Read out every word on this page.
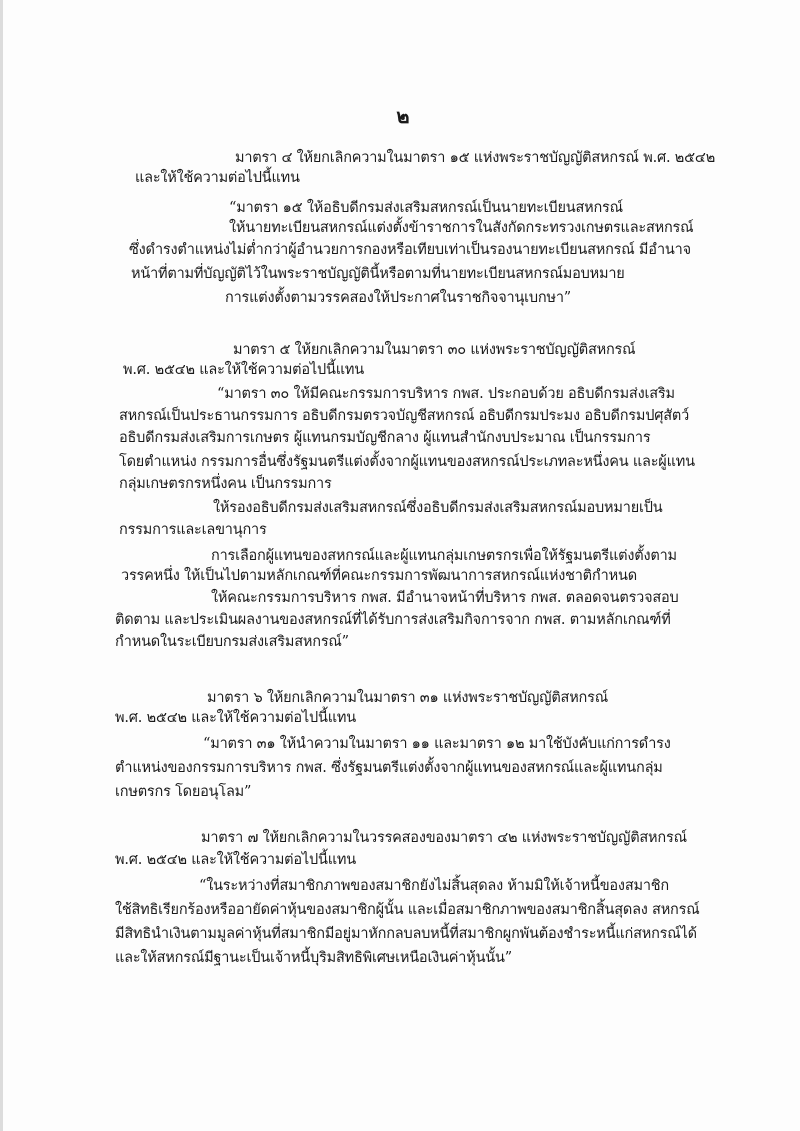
๒
มาตรา ๔ ให้ยกเลิกความในมาตรา ๑๕ แห่งพระราชบัญญัติสหกรณ์ พ.ศ. ๒๕๔๒
และให้ใช้ความต่อไปนี้แทน
“มาตรา ๑๕ ให้อธิบดีกรมส่งเสริมสหกรณ์เป็นนายทะเบียนสหกรณ์
ให้นายทะเบียนสหกรณ์แต่งตั้งข้าราชการในสังกัดกระทรวงเกษตรและสหกรณ์
ซึ่งดำรงตำแหน่งไม่ต่ำกว่าผู้อำนวยการกองหรือเทียบเท่าเป็นรองนายทะเบียนสหกรณ์ มีอำนาจ
หน้าที่ตามที่บัญญัติไว้ในพระราชบัญญัตินี้หรือตามที่นายทะเบียนสหกรณ์มอบหมาย
การแต่งตั้งตามวรรคสองให้ประกาศในราชกิจจานุเบกษา”
มาตรา ๕ ให้ยกเลิกความในมาตรา ๓๐ แห่งพระราชบัญญัติสหกรณ์
พ.ศ. ๒๕๔๒ และให้ใช้ความต่อไปนี้แทน
“มาตรา ๓๐ ให้มีคณะกรรมการบริหาร กพส. ประกอบด้วย อธิบดีกรมส่งเสริม
สหกรณ์เป็นประธานกรรมการ อธิบดีกรมตรวจบัญชีสหกรณ์ อธิบดีกรมประมง อธิบดีกรมปศุสัตว์
อธิบดีกรมส่งเสริมการเกษตร ผู้แทนกรมบัญชีกลาง ผู้แทนสำนักงบประมาณ เป็นกรรมการ
โดยตำแหน่ง กรรมการอื่นซึ่งรัฐมนตรีแต่งตั้งจากผู้แทนของสหกรณ์ประเภทละหนึ่งคน และผู้แทน
กลุ่มเกษตรกรหนึ่งคน เป็นกรรมการ
ให้รองอธิบดีกรมส่งเสริมสหกรณ์ซึ่งอธิบดีกรมส่งเสริมสหกรณ์มอบหมายเป็น
กรรมการและเลขานุการ
การเลือกผู้แทนของสหกรณ์และผู้แทนกลุ่มเกษตรกรเพื่อให้รัฐมนตรีแต่งตั้งตาม
วรรคหนึ่ง ให้เป็นไปตามหลักเกณฑ์ที่คณะกรรมการพัฒนาการสหกรณ์แห่งชาติกำหนด
ให้คณะกรรมการบริหาร กพส. มีอำนาจหน้าที่บริหาร กพส. ตลอดจนตรวจสอบ
ติดตาม และประเมินผลงานของสหกรณ์ที่ได้รับการส่งเสริมกิจการจาก กพส. ตามหลักเกณฑ์ที่
กำหนดในระเบียบกรมส่งเสริมสหกรณ์”
มาตรา ๖ ให้ยกเลิกความในมาตรา ๓๑ แห่งพระราชบัญญัติสหกรณ์
พ.ศ. ๒๕๔๒ และให้ใช้ความต่อไปนี้แทน
“มาตรา ๓๑ ให้นำความในมาตรา ๑๑ และมาตรา ๑๒ มาใช้บังคับแก่การดำรง
ตำแหน่งของกรรมการบริหาร กพส. ซึ่งรัฐมนตรีแต่งตั้งจากผู้แทนของสหกรณ์และผู้แทนกลุ่ม
เกษตรกร โดยอนุโลม”
มาตรา ๗ ให้ยกเลิกความในวรรคสองของมาตรา ๔๒ แห่งพระราชบัญญัติสหกรณ์
พ.ศ. ๒๕๔๒ และให้ใช้ความต่อไปนี้แทน
“ในระหว่างที่สมาชิกภาพของสมาชิกยังไม่สิ้นสุดลง ห้ามมิให้เจ้าหนี้ของสมาชิก
ใช้สิทธิเรียกร้องหรืออายัดค่าหุ้นของสมาชิกผู้นั้น และเมื่อสมาชิกภาพของสมาชิกสิ้นสุดลง สหกรณ์
มีสิทธินำเงินตามมูลค่าหุ้นที่สมาชิกมีอยู่มาหักกลบลบหนี้ที่สมาชิกผูกพันต้องชำระหนี้แก่สหกรณ์ได้
และให้สหกรณ์มีฐานะเป็นเจ้าหนี้บุริมสิทธิพิเศษเหนือเงินค่าหุ้นนั้น”
